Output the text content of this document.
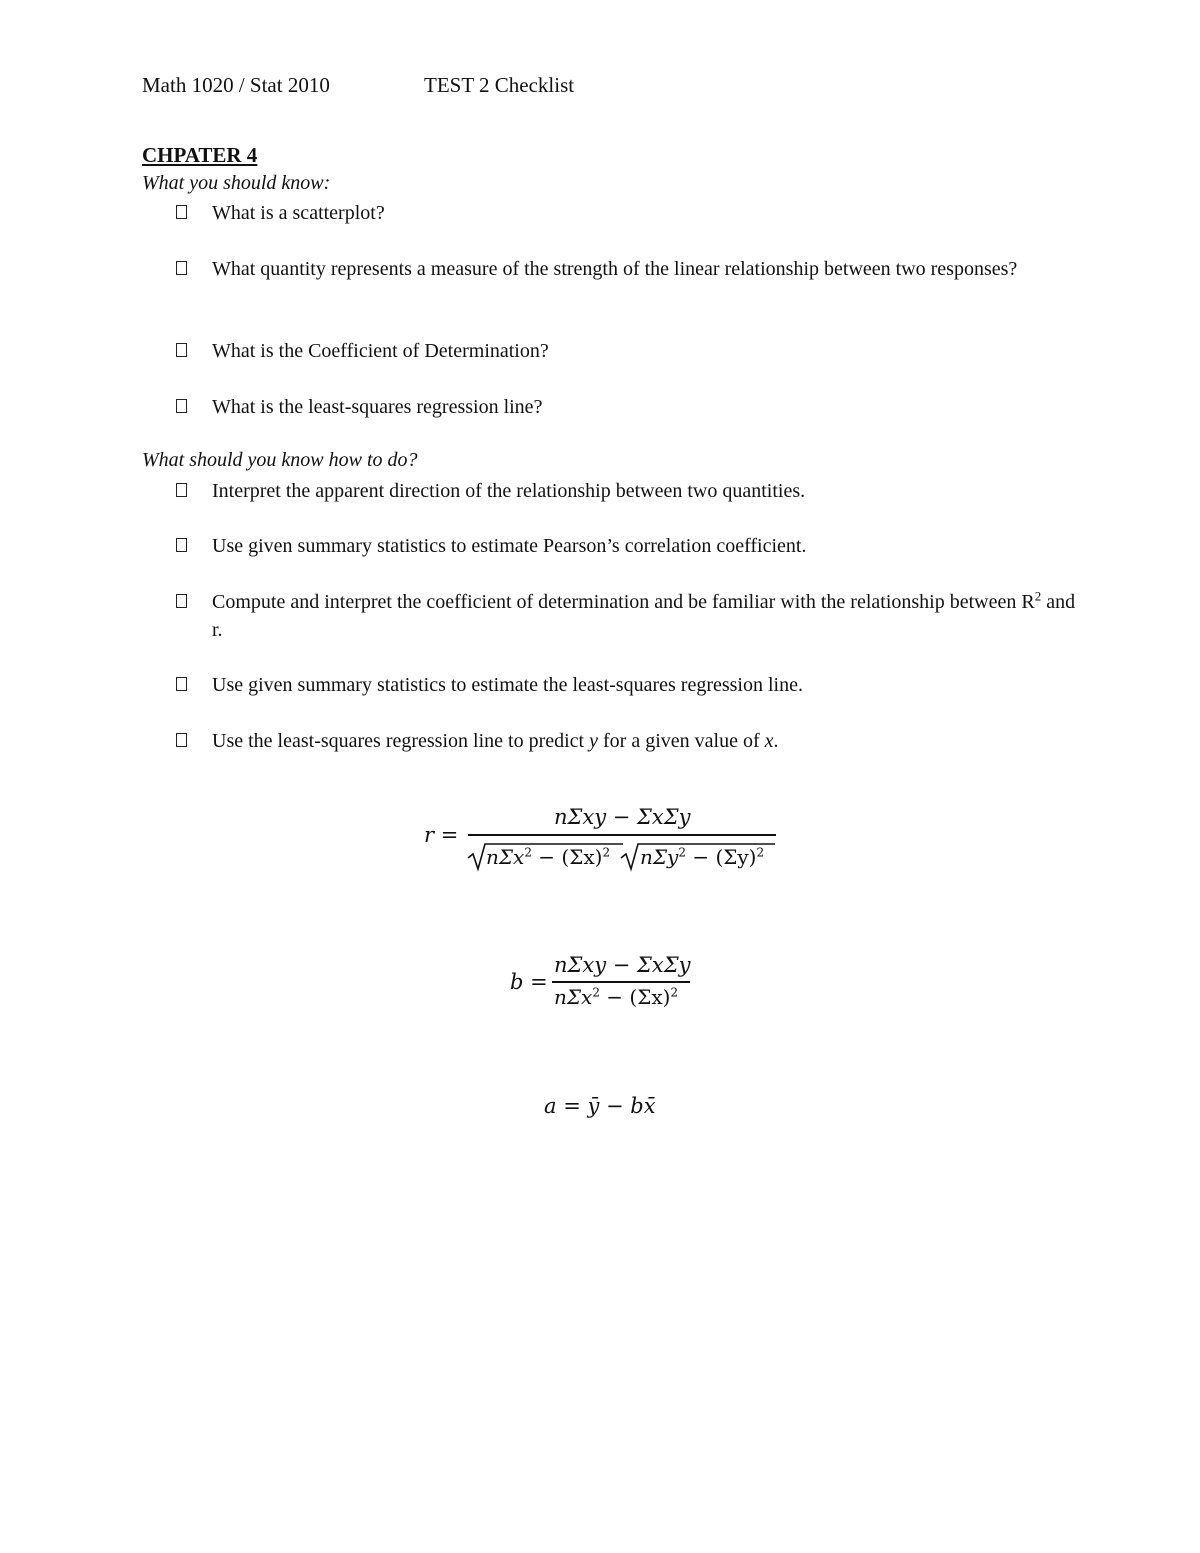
Math 1020 / Stat 2010	TEST 2 Checklist
CHPATER 4
What you should know:
What is a scatterplot?
What quantity represents a measure of the strength of the linear relationship between two responses?
What is the Coefficient of Determination?
What is the least-squares regression line?
What should you know how to do?
Interpret the apparent direction of the relationship between two quantities.
Use given summary statistics to estimate Pearson’s correlation coefficient.
Compute and interpret the coefficient of determination and be familiar with the relationship between $R^2$ and r.
Use given summary statistics to estimate the least-squares regression line.
Use the least-squares regression line to predict y for a given value of x.
r =
nΣxy − ΣxΣy
$n\Sigma x^2 - (\Sigma x)^2$ $n\Sigma y^2 - (\Sigma y)^2$
b =
nΣxy − ΣxΣy
$n\Sigma x^2 - (\Sigma x)^2$
a = ȳ − bx̄
